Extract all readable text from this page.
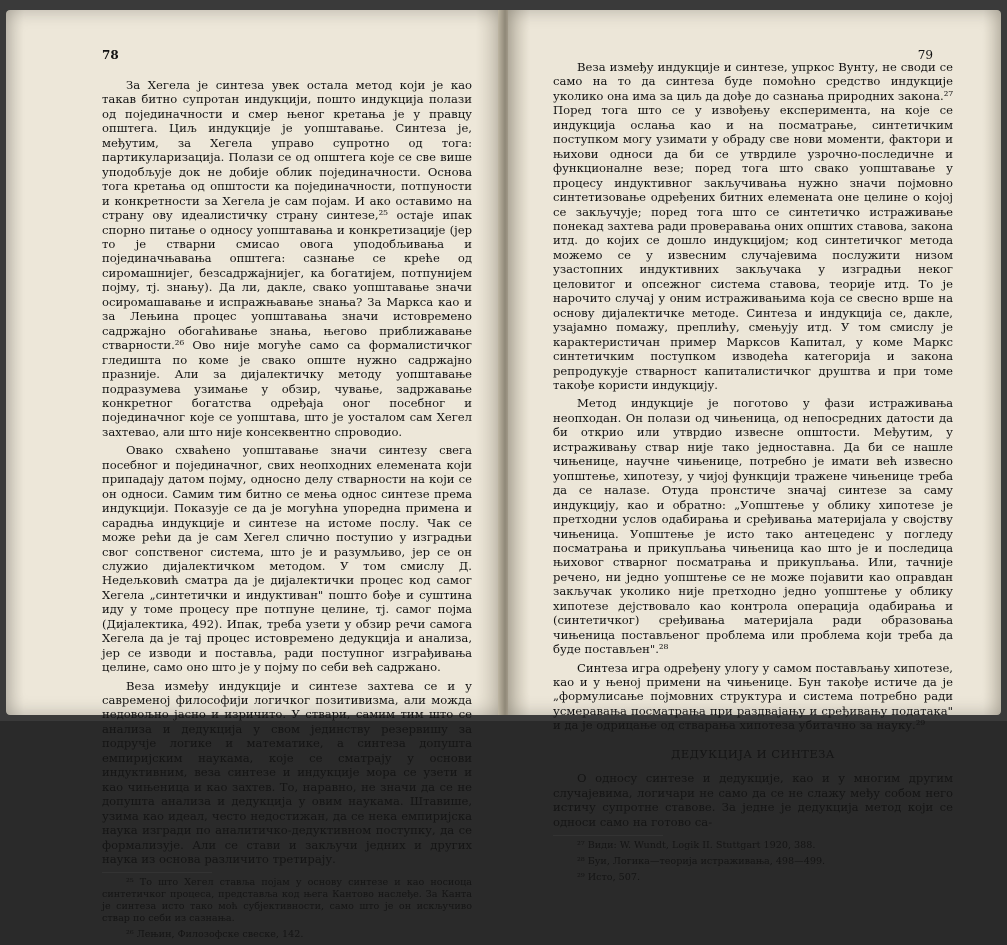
78

За Хегела је синтеза увек остала метод који је као такав битно супротан индукцији, пошто индукција полази од појединачности и смер њеног кретања је у правцу општега. Циљ индукције је уопштавање. Синтеза је, међутим, за Хегела управо супротно од тога: партикуларизација. Полази се од општега које се све више уподобљује док не добије облик појединачности. Основа тога кретања од општости ка појединачности, потпуности и конкретности за Хегела је сам појам. И ако оставимо на страну ову идеалистичку страну синтезе,²⁵ остаје ипак спорно питање о односу уопштавања и конкретизације (јер то је стварни смисао овога уподобљивања и појединачњавања општега: сазнање се креће од сиромашнијег, безсадржајнијег, ка богатијем, потпунијем појму, тј. знању). Да ли, дакле, свако уопштавање значи осиромашавање и испражњавање знања? За Маркса као и за Лењина процес уопштавања значи истовремено садржајно обогаћивање знања, његово приближавање стварности.²⁶ Ово није могуће само са формалистичког гледишта по коме је свако опште нужно садржајно празније. Али за дијалектичку методу уопштавање подразумева узимање у обзир, чување, задржавање конкретног богатства одређаја оног посебног и појединачног које се уопштава, што је уосталом сам Хегел захтевао, али што није консеквентно спроводио.

Овако схваћено уопштавање значи синтезу свега посебног и појединачног, свих неопходних елемената који припадају датом појму, односно делу стварности на који се он односи. Самим тим битно се мења однос синтезе према индукцији. Показује се да је могућна упоредна примена и сарадња индукције и синтезе на истоме послу. Чак се може рећи да је сам Хегел слично поступио у изградњи свог сопственог система, што је и разумљиво, јер се он служио дијалектичком методом. У том смислу Д. Недељковић сматра да је дијалектички процес код самог Хегела „синтетички и индуктиван" пошто бође и суштина иду у томе процесу пре потпуне целине, тј. самог појма (Дијалектика, 492). Ипак, треба узети у обзир речи самога Хегела да је тај процес истовремено дедукција и анализа, јер се изводи и поставља, ради поступног изграђивања целине, само оно што је у појму по себи већ садржано.

Веза између индукције и синтезе захтева се и у савременој философији логичког позитивизма, али можда недовољно јасно и изричито. У ствари, самим тим што се анализа и дедукција у свом јединству резервишу за подручје логике и математике, а синтеза допушта емпиријским наукама, које се сматрају у основи индуктивним, веза синтезе и индукције мора се узети и као чињеница и као захтев. То, наравно, не значи да се не допушта анализа и дедукција у овим наукама. Штавише, узима као идеал, често недостижан, да се нека емпиријска наука изгради по аналитичко-дедуктивном поступку, да се формализује. Али се стави и закључи једних и других наука из основа различито третирају.

²⁵ То што Хегел ставља појам у основу синтезе и као носиоца синтетичког процеса, представља код њега Кантово наслеђе. За Канта је синтеза исто тако моћ субјективности, само што је он искључиво ствар по себи из сазнања.

²⁶ Лењин, Филозофске свеске, 142.

79

Веза између индукције и синтезе, упркос Вунту, не своди се само на то да синтеза буде помоћно средство индукције уколико она има за циљ да дође до сазнања природних закона.²⁷ Поред тога што се у извођењу експеримента, на које се индукција ослања као и на посматрање, синтетичким поступком могу узимати у обраду све нови моменти, фактори и њихови односи да би се утврдиле узрочно-последичне и функционалне везе; поред тога што свако уопштавање у процесу индуктивног закључивања нужно значи појмовно синтетизовање одређених битних елемената оне целине о којој се закључује; поред тога што се синтетичко истраживање понекад захтева ради проверавања оних општих ставова, закона итд. до којих се дошло индукцијом; код синтетичког метода можемо се у извесним случајевима послужити низом узастопних индуктивних закључака у изградњи неког целовитог и опсежног система ставова, теорије итд. То је нарочито случај у оним истраживањима која се свесно врше на основу дијалектичке методе. Синтеза и индукција се, дакле, узајамно помажу, преплићу, смењују итд. У том смислу је карактеристичан пример Марксов Капитал, у коме Маркс синтетичким поступком изводећа категорија и закона репродукује стварност капиталистичког друштва и при томе такође користи индукцију.

Метод индукције је поготово у фази истраживања неопходан. Он полази од чињеница, од непосредних датости да би открио или утврдио извесне општости. Међутим, у истраживању ствар није тако једноставна. Да би се нашле чињенице, научне чињенице, потребно је имати већ извесно уопштење, хипотезу, у чијој функцији тражене чињенице треба да се налазе. Отуда пронстиче значај синтезе за саму индукцију, као и обратно: „Уопштење у облику хипотезе је претходни услов одабирања и сређивања материјала у својству чињеница. Уопштење је исто тако антецеденс у погледу посматрања и прикупљања чињеница као што је и последица њиховог стварног посматрања и прикупљања. Или, тачније речено, ни једно уопштење се не може појавити као оправдан закључак уколико није претходно једно уопштење у облику хипотезе дејствовало као контрола операција одабирања и (синтетичког) сређивања материјала ради образовања чињеница постављеног проблема или проблема који треба да буде постављен".²⁸

Синтеза игра одређену улогу у самом постављању хипотезе, као и у њеној примени на чињенице. Бун такође истиче да је „формулисање појмовних структура и система потребно ради усмеравања посматрања при раздвајању и сређивању података" и да је одрицање од стварања хипотеза убитачно за науку.²⁹

ДЕДУКЦИЈА И СИНТЕЗА

О односу синтезе и дедукције, као и у многим другим случајевима, логичари не само да се не слажу међу собом него истичу супротне ставове. За једне је дедукција метод који се односи само на готово са-

²⁷ Види: W. Wundt, Logik II. Stuttgart 1920, 388.

²⁸ Буи, Логика—теорија истраживања, 498—499.

²⁹ Исто, 507.
